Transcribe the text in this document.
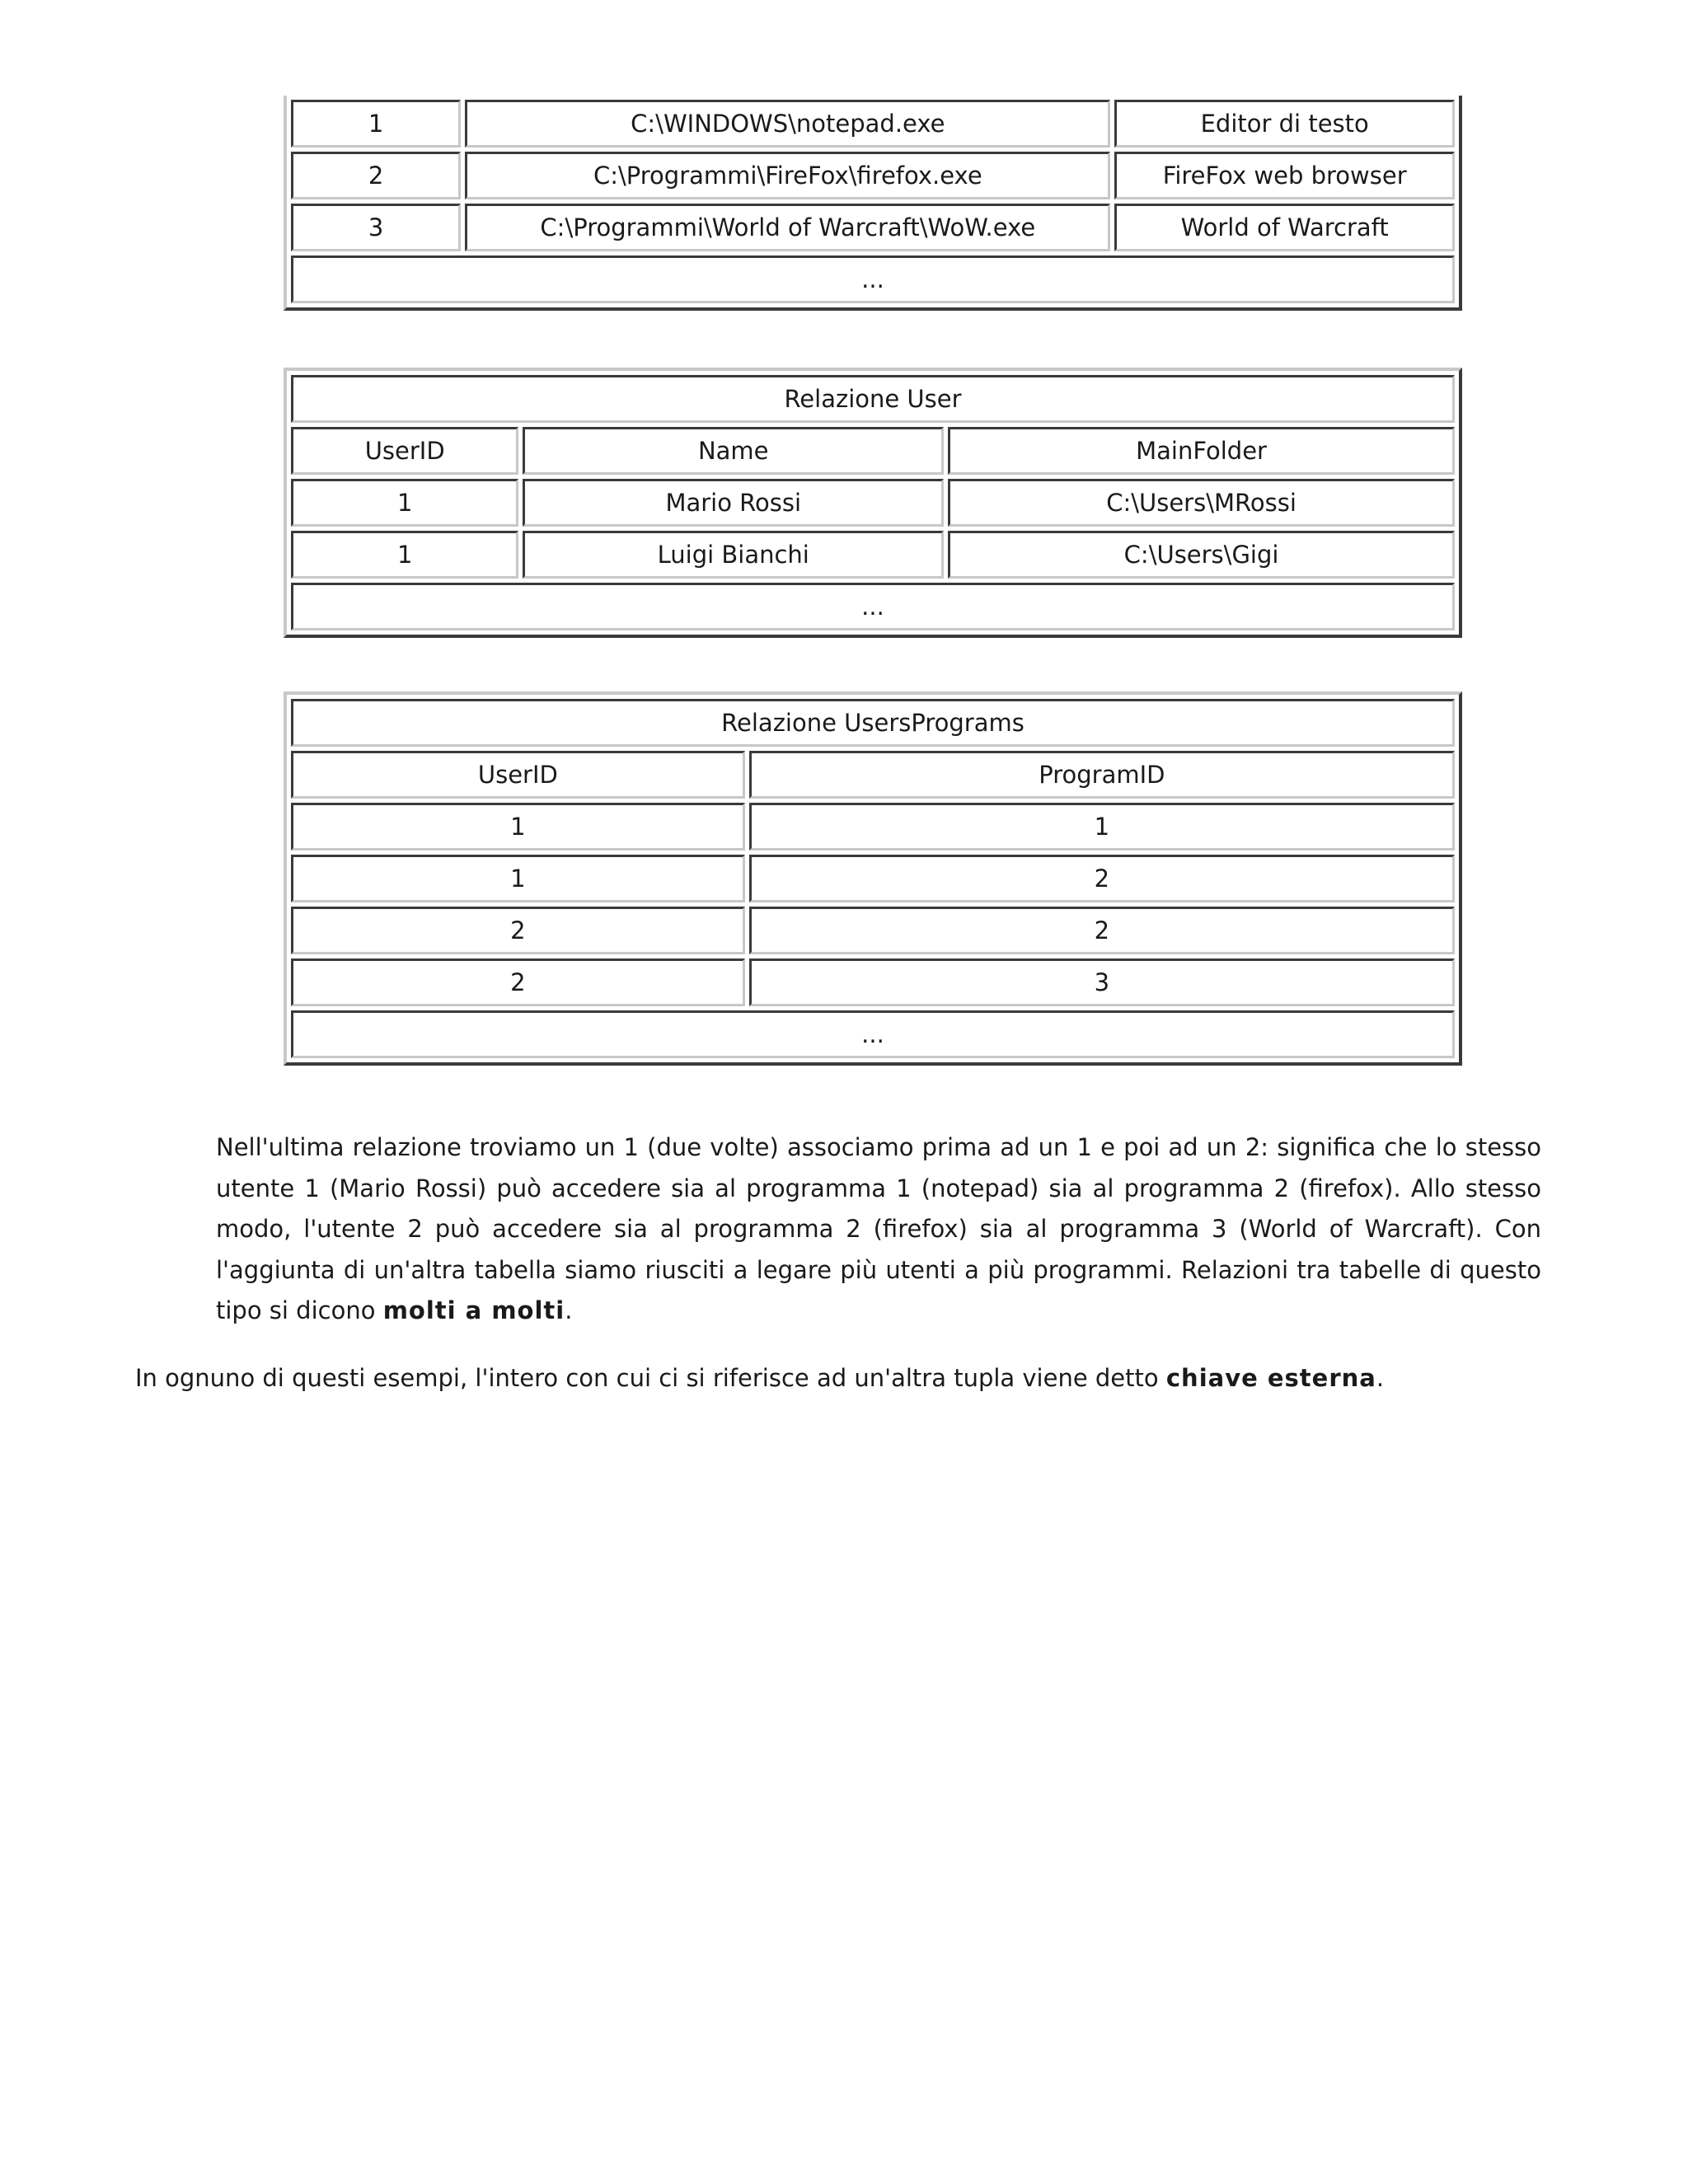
1	C:\WINDOWS\notepad.exe	Editor di testo
2	C:\Programmi\FireFox\firefox.exe	FireFox web browser
3	C:\Programmi\World of Warcraft\WoW.exe	World of Warcraft
...		
Relazione User		
UserID	Name	MainFolder
1	Mario Rossi	C:\Users\MRossi
1	Luigi Bianchi	C:\Users\Gigi
...		
Relazione UsersPrograms	
UserID	ProgramID
1	1
1	2
2	2
2	3
...	

Nell'ultima relazione troviamo un 1 (due volte) associamo prima ad un 1 e poi ad un 2: significa che lo stesso utente 1 (Mario Rossi) può accedere sia al programma 1 (notepad) sia al programma 2 (firefox). Allo stesso modo, l'utente 2 può accedere sia al programma 2 (firefox) sia al programma 3 (World of Warcraft). Con l'aggiunta di un'altra tabella siamo riusciti a legare più utenti a più programmi. Relazioni tra tabelle di questo tipo si dicono molti a molti.

In ognuno di questi esempi, l'intero con cui ci si riferisce ad un'altra tupla viene detto chiave esterna.
